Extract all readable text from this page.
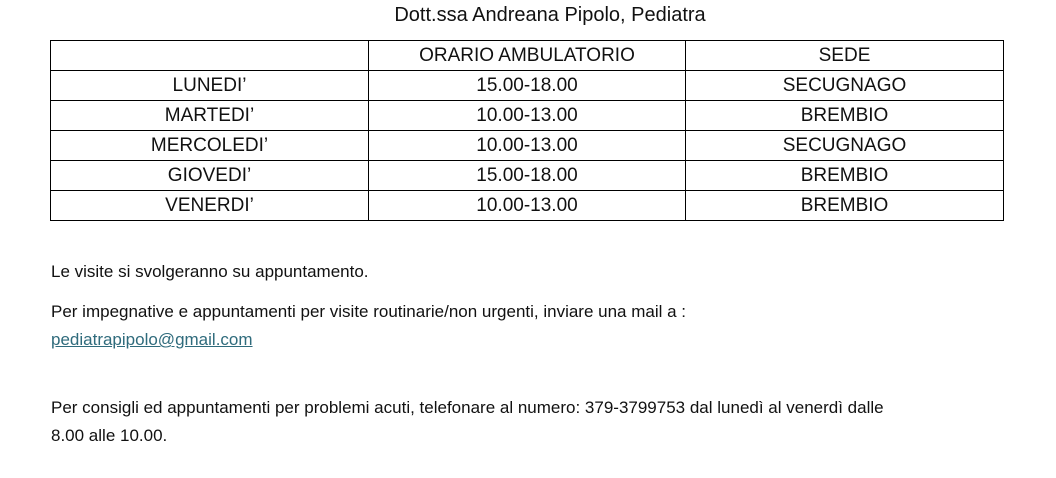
Dott.ssa Andreana Pipolo, Pediatra
	ORARIO AMBULATORIO	SEDE
LUNEDI’	15.00-18.00	SECUGNAGO
MARTEDI’	10.00-13.00	BREMBIO
MERCOLEDI’	10.00-13.00	SECUGNAGO
GIOVEDI’	15.00-18.00	BREMBIO
VENERDI’	10.00-13.00	BREMBIO
Le visite si svolgeranno su appuntamento.
Per impegnative e appuntamenti per visite routinarie/non urgenti, inviare una mail a :
pediatrapipolo@gmail.com
Per consigli ed appuntamenti per problemi acuti, telefonare al numero: 379-3799753 dal lunedì al venerdì dalle
8.00 alle 10.00.
